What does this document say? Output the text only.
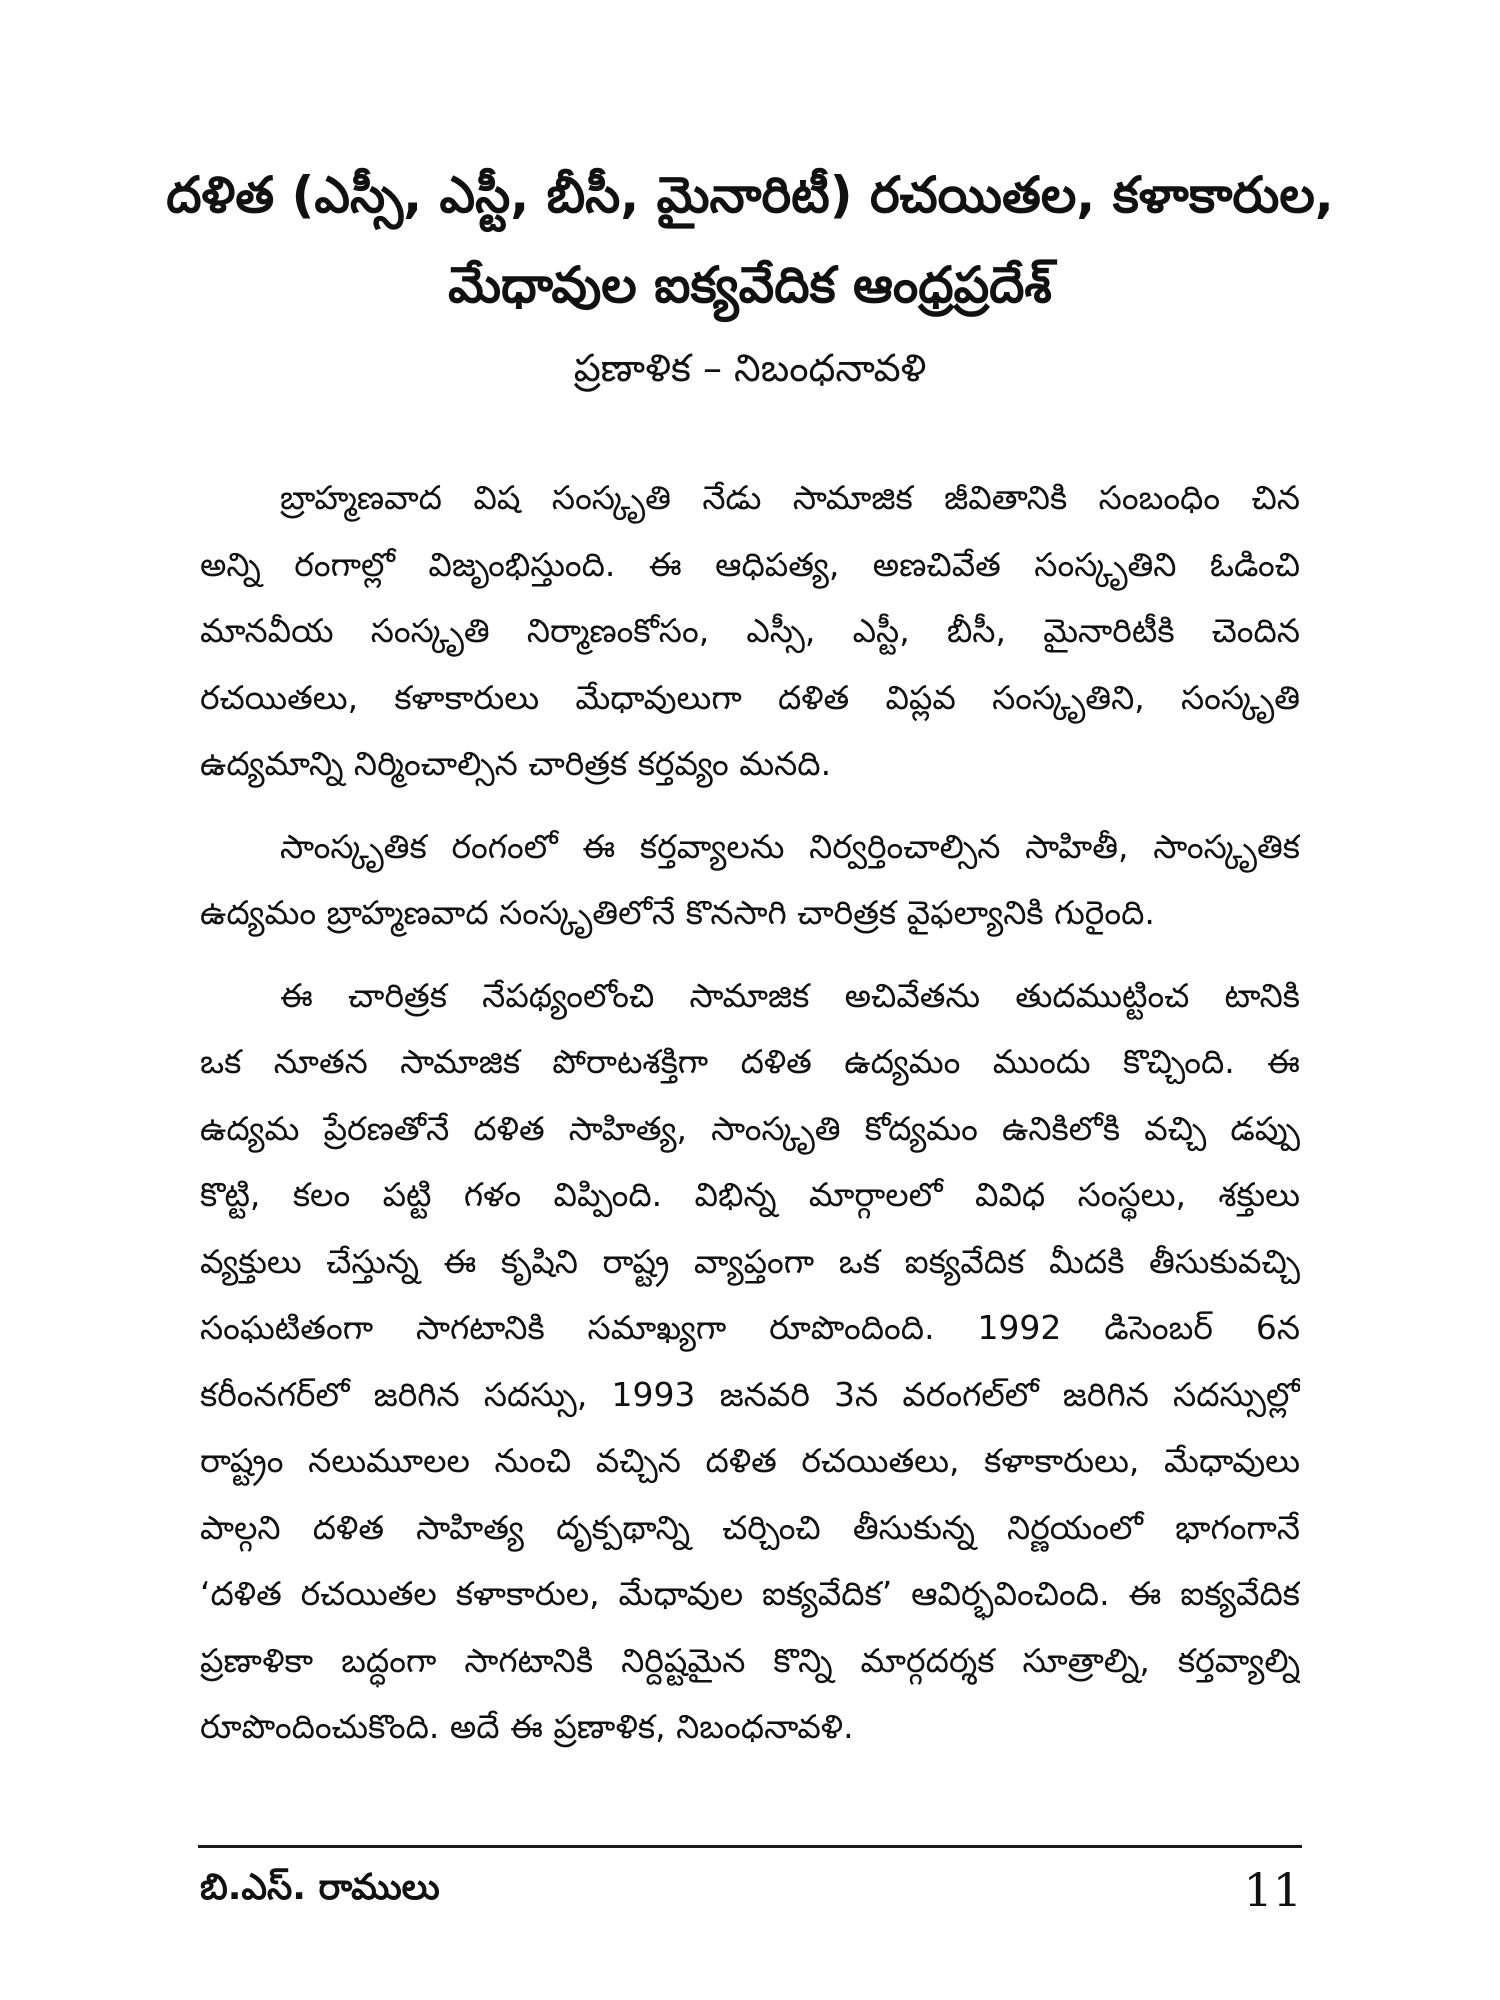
దళిత (ఎస్సీ, ఎస్టీ, బీసీ, మైనారిటీ) రచయితల, కళాకారుల,
మేధావుల ఐక్యవేదిక ఆంధ్రప్రదేశ్
ప్రణాళిక – నిబంధనావళి
బ్రాహ్మణవాద విష సంస్కృతి నేడు సామాజిక జీవితానికి సంబంధిం చిన
అన్ని రంగాల్లో విజృంభిస్తుంది. ఈ ఆధిపత్య, అణచివేత సంస్కృతిని ఓడించి
మానవీయ సంస్కృతి నిర్మాణంకోసం, ఎస్సీ, ఎస్టీ, బీసీ, మైనారిటీకి చెందిన
రచయితలు, కళాకారులు మేధావులుగా దళిత విప్లవ సంస్కృతిని, సంస్కృతి
ఉద్యమాన్ని నిర్మించాల్సిన చారిత్రక కర్తవ్యం మనది.
సాంస్కృతిక రంగంలో ఈ కర్తవ్యాలను నిర్వర్తించాల్సిన సాహితీ, సాంస్కృతిక
ఉద్యమం బ్రాహ్మణవాద సంస్కృతిలోనే కొనసాగి చారిత్రక వైఫల్యానికి గురైంది.
ఈ చారిత్రక నేపథ్యంలోంచి సామాజిక అచివేతను తుదముట్టించ టానికి
ఒక నూతన సామాజిక పోరాటశక్తిగా దళిత ఉద్యమం ముందు కొచ్చింది. ఈ
ఉద్యమ ప్రేరణతోనే దళిత సాహిత్య, సాంస్కృతి కోద్యమం ఉనికిలోకి వచ్చి డప్పు
కొట్టి, కలం పట్టి గళం విప్పింది. విభిన్న మార్గాలలో వివిధ సంస్థలు, శక్తులు
వ్యక్తులు చేస్తున్న ఈ కృషిని రాష్ట్ర వ్యాప్తంగా ఒక ఐక్యవేదిక మీదకి తీసుకువచ్చి
సంఘటితంగా సాగటానికి సమాఖ్యగా రూపొందింది. 1992 డిసెంబర్ 6న
కరీంనగర్‌లో జరిగిన సదస్సు, 1993 జనవరి 3న వరంగల్‌లో జరిగిన సదస్సుల్లో
రాష్ట్రం నలుమూలల నుంచి వచ్చిన దళిత రచయితలు, కళాకారులు, మేధావులు
పాల్గని దళిత సాహిత్య దృక్పథాన్ని చర్చించి తీసుకున్న నిర్ణయంలో భాగంగానే
‘దళిత రచయితల కళాకారుల, మేధావుల ఐక్యవేదిక’ ఆవిర్భవించింది. ఈ ఐక్యవేదిక
ప్రణాళికా బద్ధంగా సాగటానికి నిర్దిష్టమైన కొన్ని మార్గదర్శక సూత్రాల్ని, కర్తవ్యాల్ని
రూపొందించుకొంది. అదే ఈ ప్రణాళిక, నిబంధనావళి.
బి.ఎస్. రాములు	11
